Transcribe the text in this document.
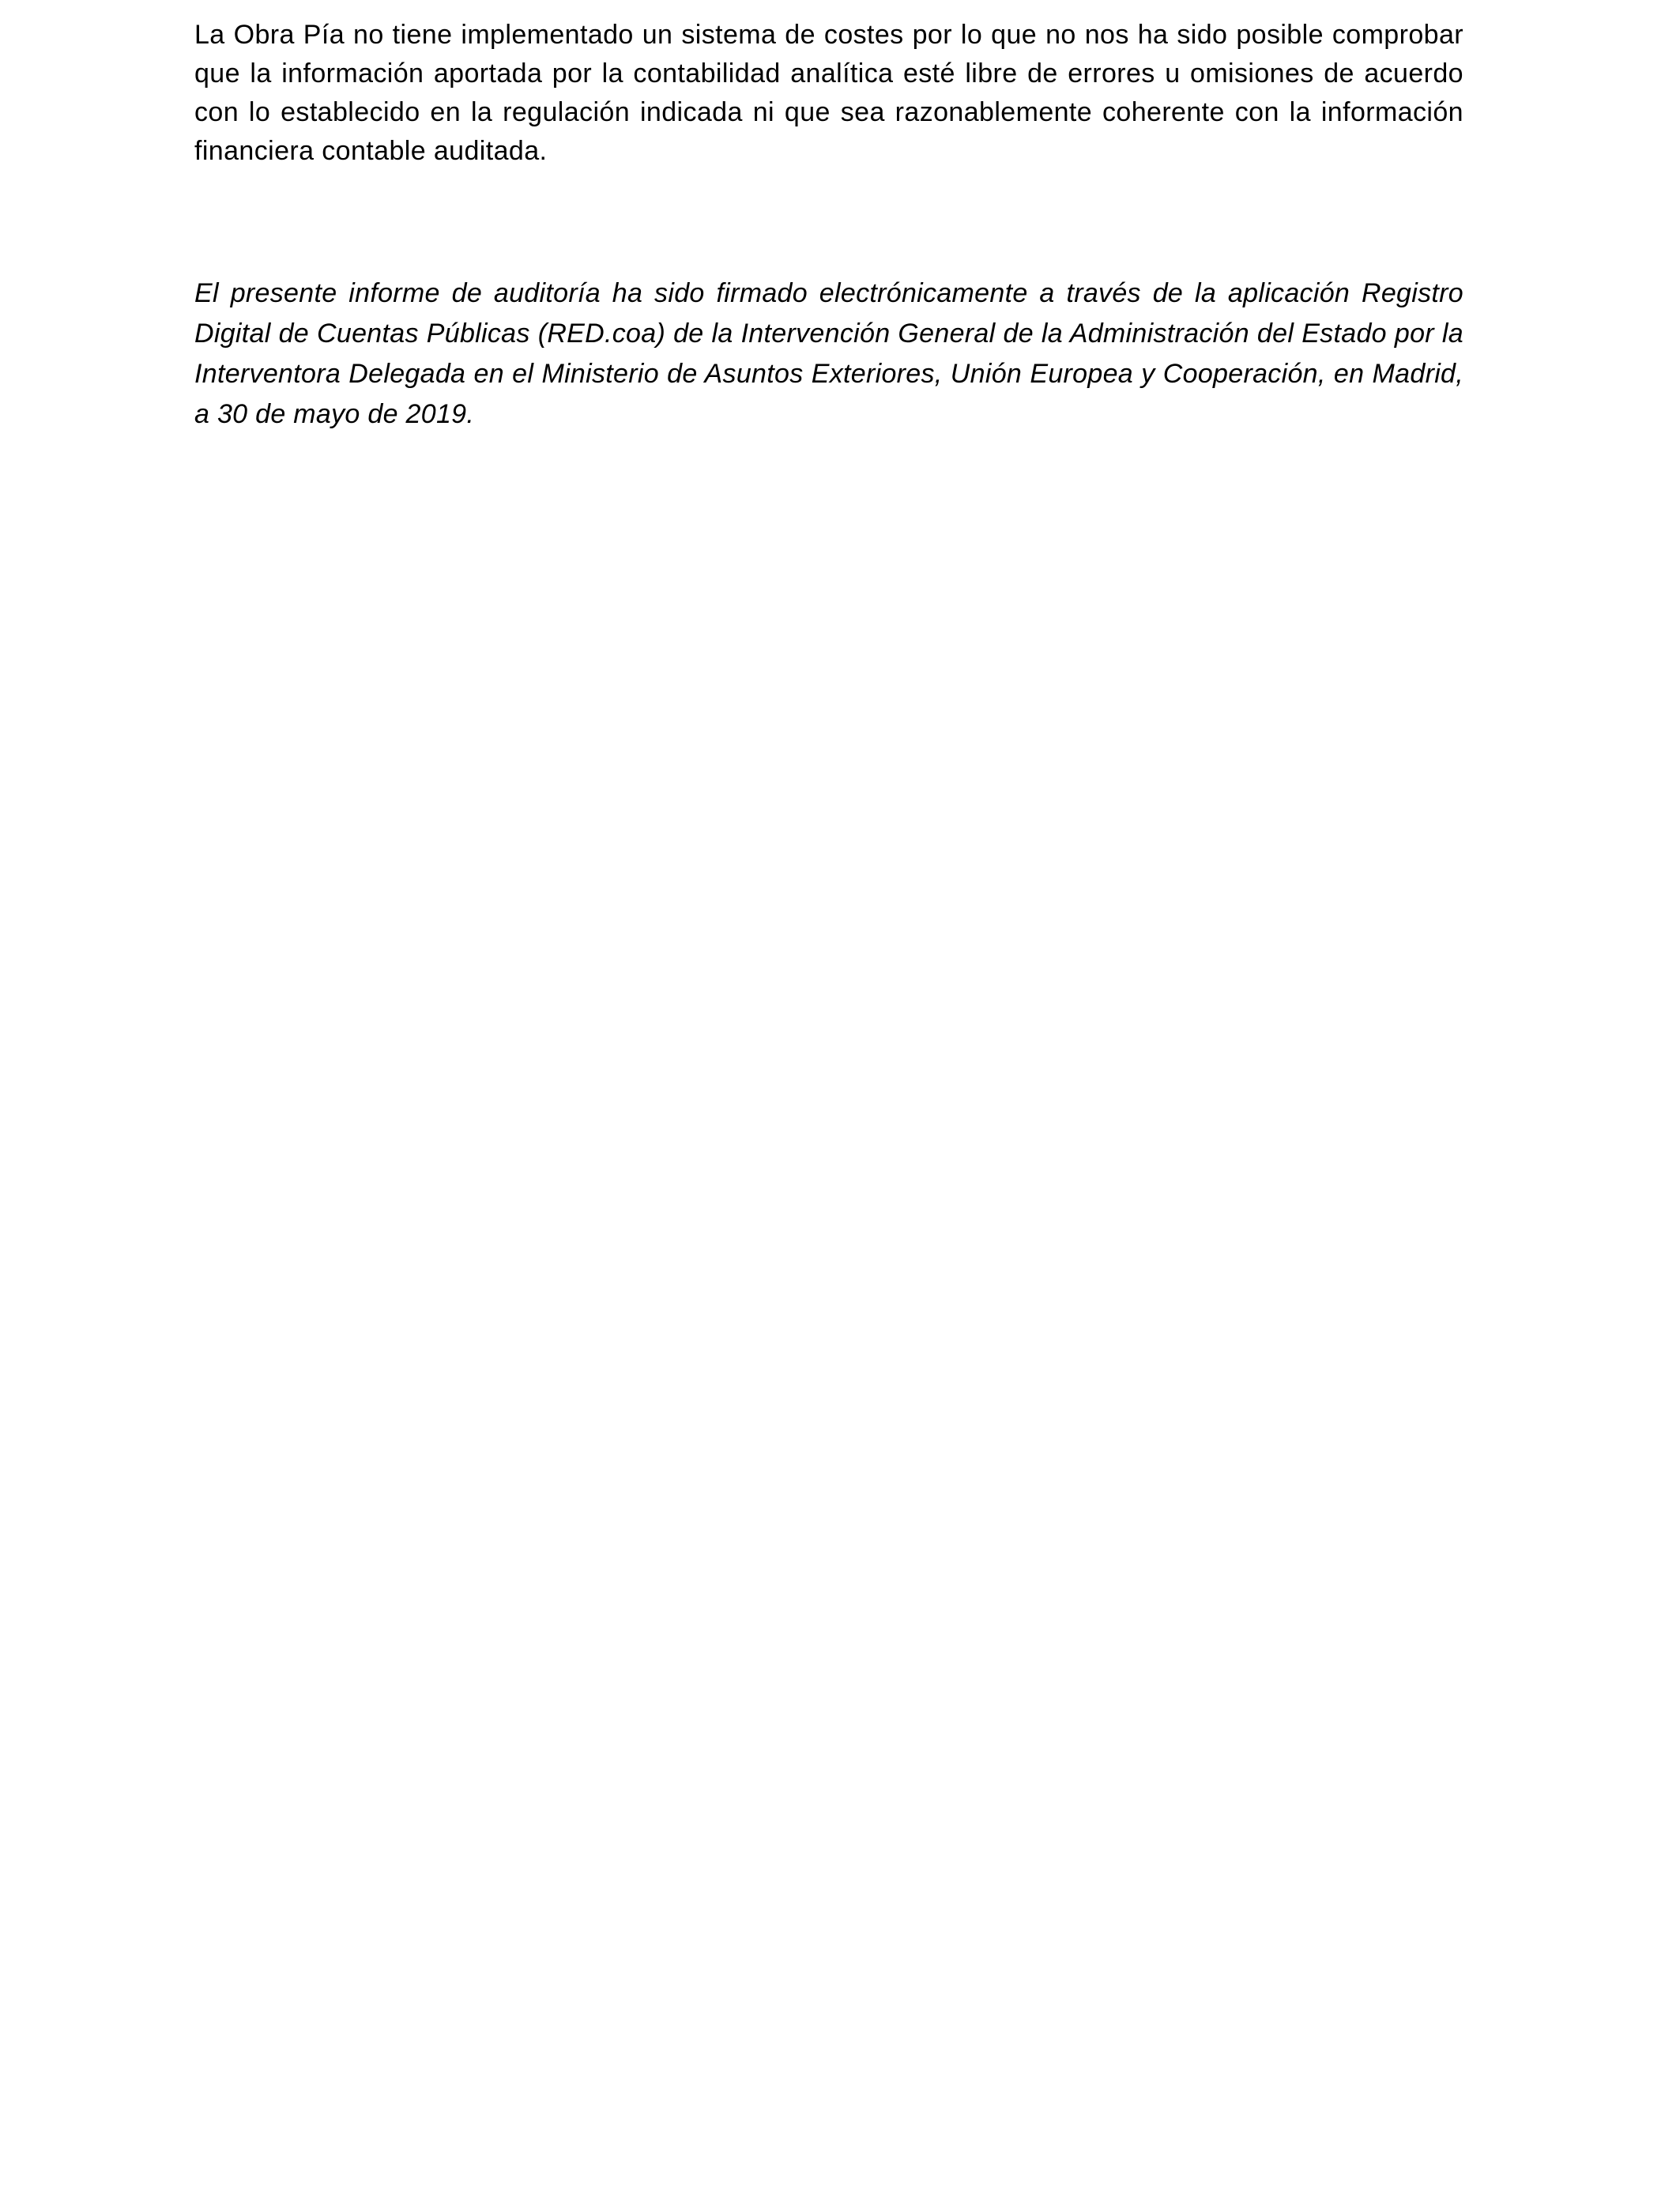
La Obra Pía no tiene implementado un sistema de costes por lo que no nos ha sido posible comprobar que la información aportada por la contabilidad analítica esté libre de errores u omisiones de acuerdo con lo establecido en la regulación indicada ni que sea razonablemente coherente con la información financiera contable auditada.

El presente informe de auditoría ha sido firmado electrónicamente a través de la aplicación Registro Digital de Cuentas Públicas (RED.coa) de la Intervención General de la Administración del Estado por la Interventora Delegada en el Ministerio de Asuntos Exteriores, Unión Europea y Cooperación, en Madrid, a 30 de mayo de 2019.
